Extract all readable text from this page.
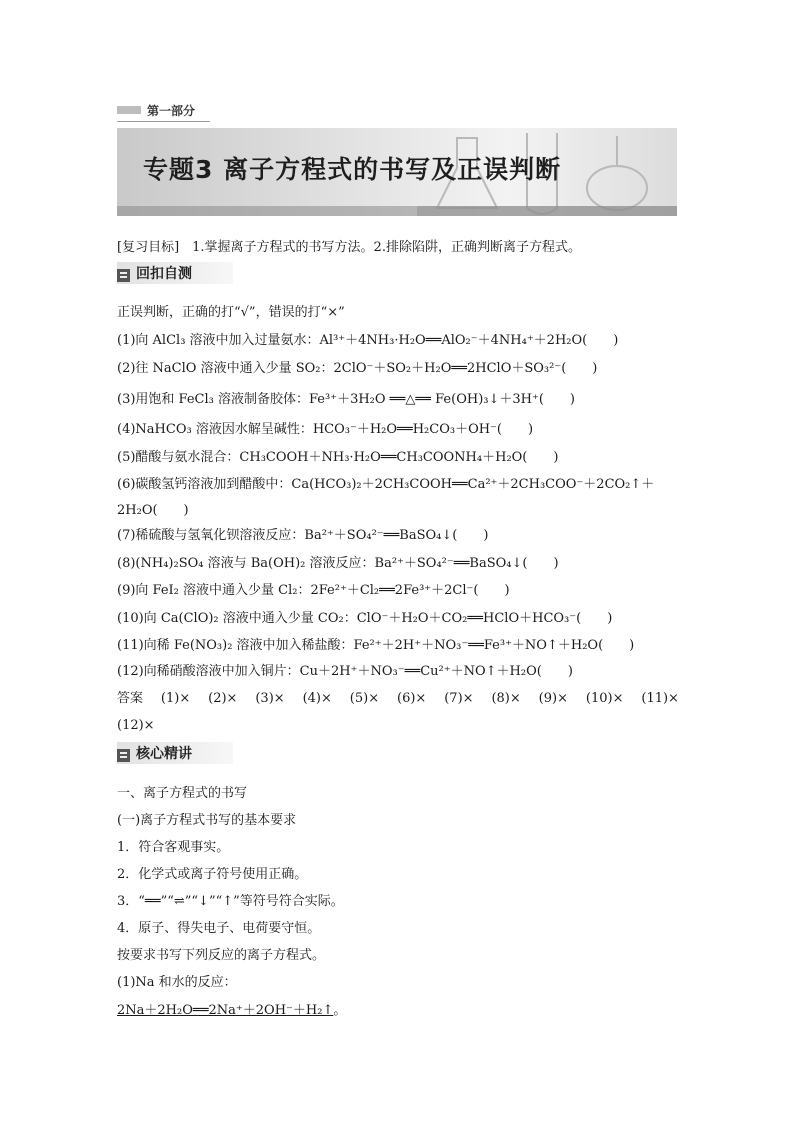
第一部分
专题3 离子方程式的书写及正误判断
[复习目标]　1.掌握离子方程式的书写方法。2.排除陷阱，正确判断离子方程式。
回扣自测
正误判断，正确的打“√”，错误的打“×”
(1)向 AlCl₃ 溶液中加入过量氨水：Al³⁺＋4NH₃·H₂O══AlO₂⁻＋4NH₄⁺＋2H₂O(　　)
(2)往 NaClO 溶液中通入少量 SO₂：2ClO⁻＋SO₂＋H₂O══2HClO＋SO₃²⁻(　　)
(3)用饱和 FeCl₃ 溶液制备胶体：Fe³⁺＋3H₂O ══△══ Fe(OH)₃↓＋3H⁺(　　)
(4)NaHCO₃ 溶液因水解呈碱性：HCO₃⁻＋H₂O══H₂CO₃＋OH⁻(　　)
(5)醋酸与氨水混合：CH₃COOH＋NH₃·H₂O══CH₃COONH₄＋H₂O(　　)
(6)碳酸氢钙溶液加到醋酸中：Ca(HCO₃)₂＋2CH₃COOH══Ca²⁺＋2CH₃COO⁻＋2CO₂↑＋
2H₂O(　　)
(7)稀硫酸与氢氧化钡溶液反应：Ba²⁺＋SO₄²⁻══BaSO₄↓(　　)
(8)(NH₄)₂SO₄ 溶液与 Ba(OH)₂ 溶液反应：Ba²⁺＋SO₄²⁻══BaSO₄↓(　　)
(9)向 FeI₂ 溶液中通入少量 Cl₂：2Fe²⁺＋Cl₂══2Fe³⁺＋2Cl⁻(　　)
(10)向 Ca(ClO)₂ 溶液中通入少量 CO₂：ClO⁻＋H₂O＋CO₂══HClO＋HCO₃⁻(　　)
(11)向稀 Fe(NO₃)₂ 溶液中加入稀盐酸：Fe²⁺＋2H⁺＋NO₃⁻══Fe³⁺＋NO↑＋H₂O(　　)
(12)向稀硝酸溶液中加入铜片：Cu＋2H⁺＋NO₃⁻══Cu²⁺＋NO↑＋H₂O(　　)
答案 (1)× (2)× (3)× (4)× (5)× (6)× (7)× (8)× (9)× (10)× (11)×
(12)×
核心精讲
一、离子方程式的书写
(一)离子方程式书写的基本要求
1．符合客观事实。
2．化学式或离子符号使用正确。
3．“══”“⇌”“↓”“↑”等符号符合实际。
4．原子、得失电子、电荷要守恒。
按要求书写下列反应的离子方程式。
(1)Na 和水的反应：
2Na＋2H₂O══2Na⁺＋2OH⁻＋H₂↑。
